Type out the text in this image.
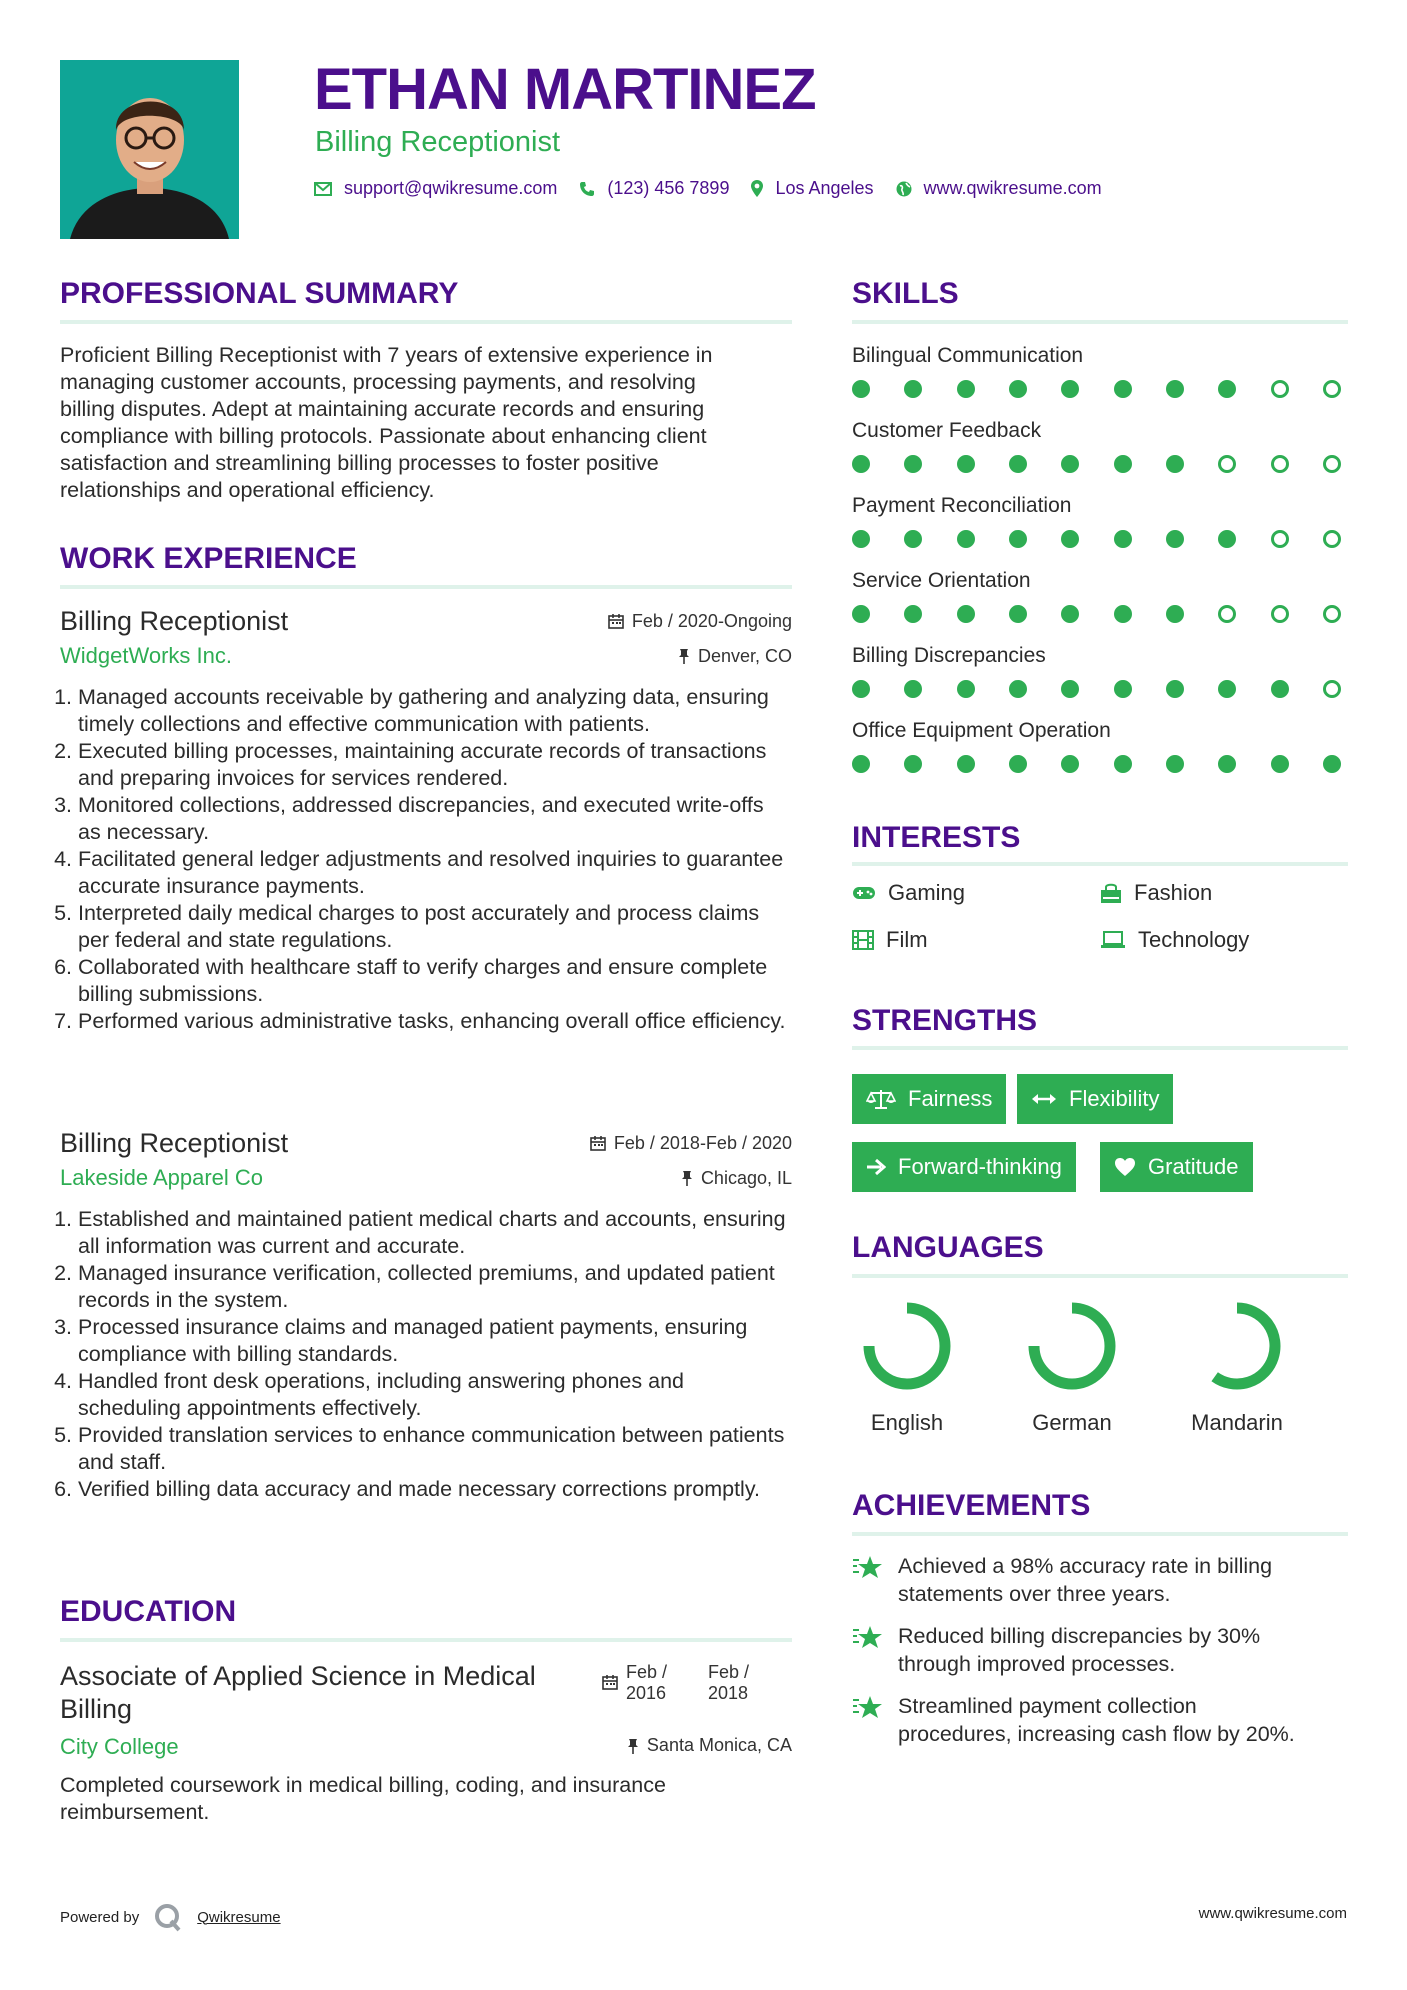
ETHAN MARTINEZ
Billing Receptionist
support@qwikresume.com	(123) 456 7899	Los Angeles	www.qwikresume.com
PROFESSIONAL SUMMARY
Proficient Billing Receptionist with 7 years of extensive experience in
managing customer accounts, processing payments, and resolving
billing disputes. Adept at maintaining accurate records and ensuring
compliance with billing protocols. Passionate about enhancing client
satisfaction and streamlining billing processes to foster positive
relationships and operational efficiency.
WORK EXPERIENCE
Billing Receptionist	Feb / 2020-Ongoing
WidgetWorks Inc.	Denver, CO
1. Managed accounts receivable by gathering and analyzing data, ensuring timely collections and effective communication with patients.
2. Executed billing processes, maintaining accurate records of transactions and preparing invoices for services rendered.
3. Monitored collections, addressed discrepancies, and executed write-offs as necessary.
4. Facilitated general ledger adjustments and resolved inquiries to guarantee accurate insurance payments.
5. Interpreted daily medical charges to post accurately and process claims per federal and state regulations.
6. Collaborated with healthcare staff to verify charges and ensure complete billing submissions.
7. Performed various administrative tasks, enhancing overall office efficiency.
Billing Receptionist	Feb / 2018-Feb / 2020
Lakeside Apparel Co	Chicago, IL
1. Established and maintained patient medical charts and accounts, ensuring all information was current and accurate.
2. Managed insurance verification, collected premiums, and updated patient records in the system.
3. Processed insurance claims and managed patient payments, ensuring compliance with billing standards.
4. Handled front desk operations, including answering phones and scheduling appointments effectively.
5. Provided translation services to enhance communication between patients and staff.
6. Verified billing data accuracy and made necessary corrections promptly.
EDUCATION
Associate of Applied Science in Medical
Billing
Feb /
2016
Feb /
2018
City College	Santa Monica, CA
Completed coursework in medical billing, coding, and insurance
reimbursement.
SKILLS
Bilingual Communication
Customer Feedback
Payment Reconciliation
Service Orientation
Billing Discrepancies
Office Equipment Operation
INTERESTS
Gaming	Fashion
Film	Technology
STRENGTHS
Fairness	Flexibility
Forward-thinking	Gratitude
LANGUAGES
English	German	Mandarin
ACHIEVEMENTS
Achieved a 98% accuracy rate in billing
statements over three years.
Reduced billing discrepancies by 30%
through improved processes.
Streamlined payment collection
procedures, increasing cash flow by 20%.
Powered by	Qwikresume	www.qwikresume.com
